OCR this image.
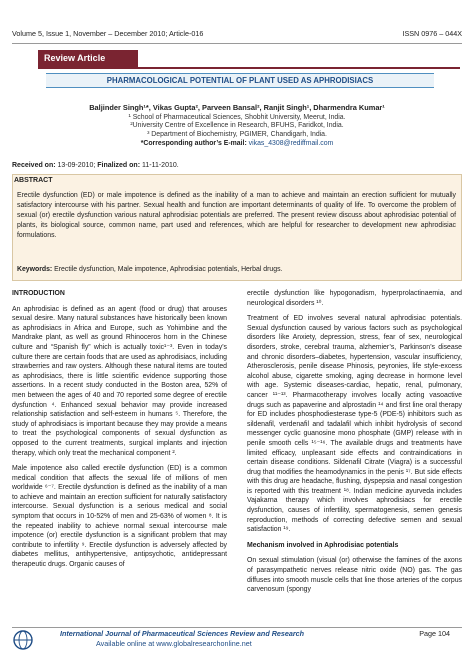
Volume 5, Issue 1, November – December 2010; Article-016	ISSN 0976 – 044X
Review Article
PHARMACOLOGICAL POTENTIAL OF PLANT USED AS APHRODISIACS
Baljinder Singh¹*, Vikas Gupta², Parveen Bansal², Ranjit Singh¹, Dharmendra Kumar¹
¹ School of Pharmaceutical Sciences, Shobhit University, Meerut, India.
²University Centre of Excellence in Research, BFUHS, Faridkot, India.
³ Department of Biochemistry, PGIMER, Chandigarh, India.
*Corresponding author’s E-mail: vikas_4308@rediffmail.com
Received on: 13-09-2010; Finalized on: 11-11-2010.
ABSTRACT
Erectile dysfunction (ED) or male impotence is defined as the inability of a man to achieve and maintain an erection sufficient for mutually satisfactory intercourse with his partner. Sexual health and function are important determinants of quality of life. To overcome the problem of sexual (or) erectile dysfunction various natural aphrodisiac potentials are preferred. The present review discuss about aphrodisiac potential of plants, its biological source, common name, part used and references, which are helpful for researcher to development new aphrodisiac formulations.
Keywords: Erectile dysfunction, Male impotence, Aphrodisiac potentials, Herbal drugs.

INTRODUCTION

An aphrodisiac is defined as an agent (food or drug) that arouses sexual desire. Many natural substances have historically been known as aphrodisiacs in Africa and Europe, such as Yohimbine and the Mandrake plant, as well as ground Rhinoceros horn in the Chinese culture and “Spanish fly” which is actually toxic¹⁻³. Even in today’s culture there are certain foods that are used as aphrodisiacs, including strawberries and raw oysters. Although these natural items are touted as aphrodisiacs, there is little scientific evidence supporting those assertions. In a recent study conducted in the Boston area, 52% of men between the ages of 40 and 70 reported some degree of erectile dysfunction ⁴. Enhanced sexual behavior may provide increased relationship satisfaction and self-esteem in humans ⁵. Therefore, the study of aphrodisiacs is important because they may provide a means to treat the psychological components of sexual dysfunction as opposed to the current treatments, surgical implants and injection therapy, which only treat the mechanical component ².

Male impotence also called erectile dysfunction (ED) is a common medical condition that affects the sexual life of millions of men worldwide ⁶⁻⁷. Erectile dysfunction is defined as the inability of a man to achieve and maintain an erection sufficient for naturally satisfactory intercourse. Sexual dysfunction is a serious medical and social symptom that occurs in 10-52% of men and 25-63% of women ⁸. It is the repeated inability to achieve normal sexual intercourse male impotence (or) erectile dysfunction is a significant problem that may contribute to infertility ⁹. Erectile dysfunction is adversely affected by diabetes mellitus, antihypertensive, antipsychotic, antidepressant therapeutic drugs. Organic causes of

erectile dysfunction like hypogonadism, hyperprolactinaemia, and neurological disorders ¹⁰.

Treatment of ED involves several natural aphrodisiac potentials. Sexual dysfunction caused by various factors such as psychological disorders like Anxiety, depression, stress, fear of sex, neurological disorders, stroke, cerebral trauma, alzhemier’s, Parkinson’s disease and chronic disorders–diabetes, hypertension, vascular insufficiency, Atherosclerosis, penile disease Phinosis, peyronies, life style-excess alcohol abuse, cigarette smoking, aging decrease in hormone level with age. Systemic diseases-cardiac, hepatic, renal, pulmonary, cancer ¹¹⁻¹³. Pharmacotherapy involves locally acting vasoactive drugs such as papaverine and alprostadin ¹⁴ and first line oral therapy for ED includes phosphodiesterase type-5 (PDE-5) inhibitors such as sildenafil, verdenafil and tadalafil which inhibit hydrolysis of second messenger cyclic guanosine mono phosphate (GMP) release with in penile smooth cells ¹⁵⁻¹⁶. The available drugs and treatments have limited efficacy, unpleasant side effects and contraindications in certain disease conditions. Sildenafil Citrate (Viagra) is a successful drug that modifies the heamodynamics in the penis ¹⁷. But side effects with this drug are headache, flushing, dyspepsia and nasal congestion is reported with this treatment ¹⁸. Indian medicine ayurveda includes Vajakarna therapy which involves aphrodisiacs for erectile dysfunction, causes of infertility, spermatogenesis, semen genesis reproduction, methods of correcting defective semen and sexual satisfaction ¹⁹.

Mechanism involved in Aphrodisiac potentials

On sexual stimulation (visual (or) otherwise the famines of the axons of parasympathetic nerves release nitric oxide (NO) gas. The gas diffuses into smooth muscle cells that line those arteries of the corpus carvenosum (spongy

International Journal of Pharmaceutical Sciences Review and Research	Page 104
Available online at www.globalresearchonline.net
